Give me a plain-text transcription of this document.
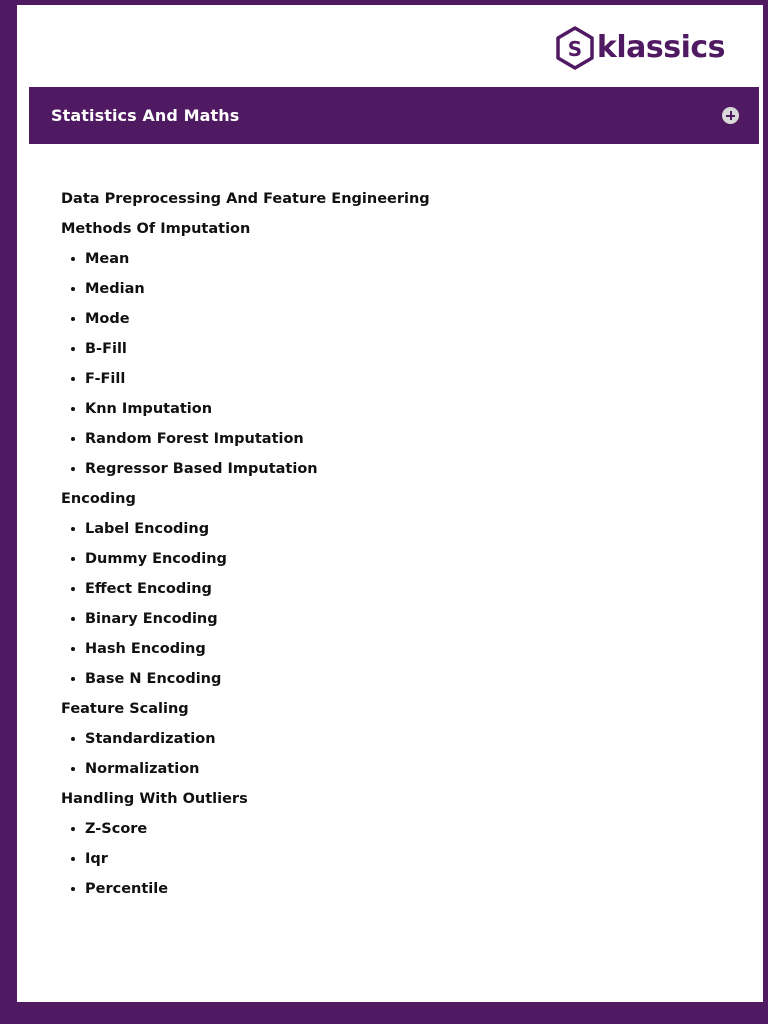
S klassics
Statistics And Maths
Data Preprocessing And Feature Engineering
Methods Of Imputation
Mean
Median
Mode
B-Fill
F-Fill
Knn Imputation
Random Forest Imputation
Regressor Based Imputation
Encoding
Label Encoding
Dummy Encoding
Effect Encoding
Binary Encoding
Hash Encoding
Base N Encoding
Feature Scaling
Standardization
Normalization
Handling With Outliers
Z-Score
Iqr
Percentile
